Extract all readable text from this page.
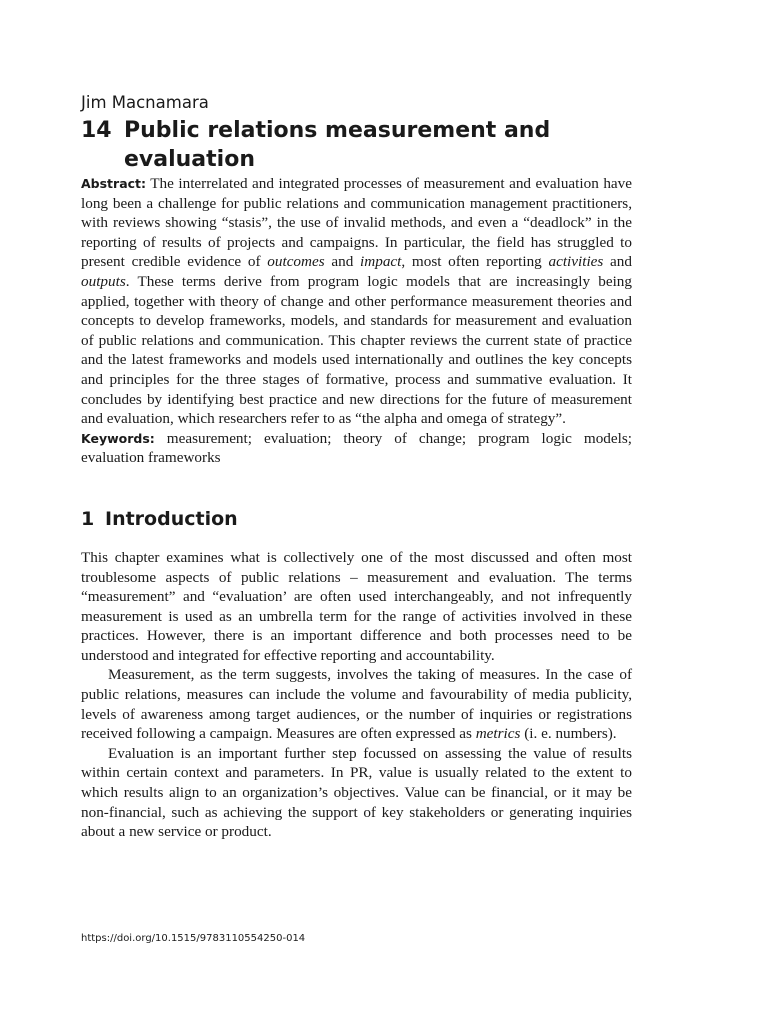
Jim Macnamara

14 Public relations measurement and evaluation

Abstract: The interrelated and integrated processes of measurement and evaluation have long been a challenge for public relations and communication management practitioners, with reviews showing “stasis”, the use of invalid methods, and even a “deadlock” in the reporting of results of projects and campaigns. In particular, the field has struggled to present credible evidence of outcomes and impact, most often reporting activities and outputs. These terms derive from program logic models that are increasingly being applied, together with theory of change and other performance measurement theories and concepts to develop frameworks, models, and standards for measurement and evaluation of public relations and communication. This chapter reviews the current state of practice and the latest frameworks and models used internationally and outlines the key concepts and principles for the three stages of formative, process and summative evaluation. It concludes by identifying best practice and new directions for the future of measurement and evaluation, which researchers refer to as “the alpha and omega of strategy”.

Keywords: measurement; evaluation; theory of change; program logic models; evaluation frameworks

1 Introduction

This chapter examines what is collectively one of the most discussed and often most troublesome aspects of public relations – measurement and evaluation. The terms “measurement” and “evaluation’ are often used interchangeably, and not infrequently measurement is used as an umbrella term for the range of activities involved in these practices. However, there is an important difference and both processes need to be understood and integrated for effective reporting and accountability.

Measurement, as the term suggests, involves the taking of measures. In the case of public relations, measures can include the volume and favourability of media publicity, levels of awareness among target audiences, or the number of inquiries or registrations received following a campaign. Measures are often expressed as metrics (i. e. numbers).

Evaluation is an important further step focussed on assessing the value of results within certain context and parameters. In PR, value is usually related to the extent to which results align to an organization’s objectives. Value can be financial, or it may be non-financial, such as achieving the support of key stakeholders or generating inquiries about a new service or product.

https://doi.org/10.1515/9783110554250-014
